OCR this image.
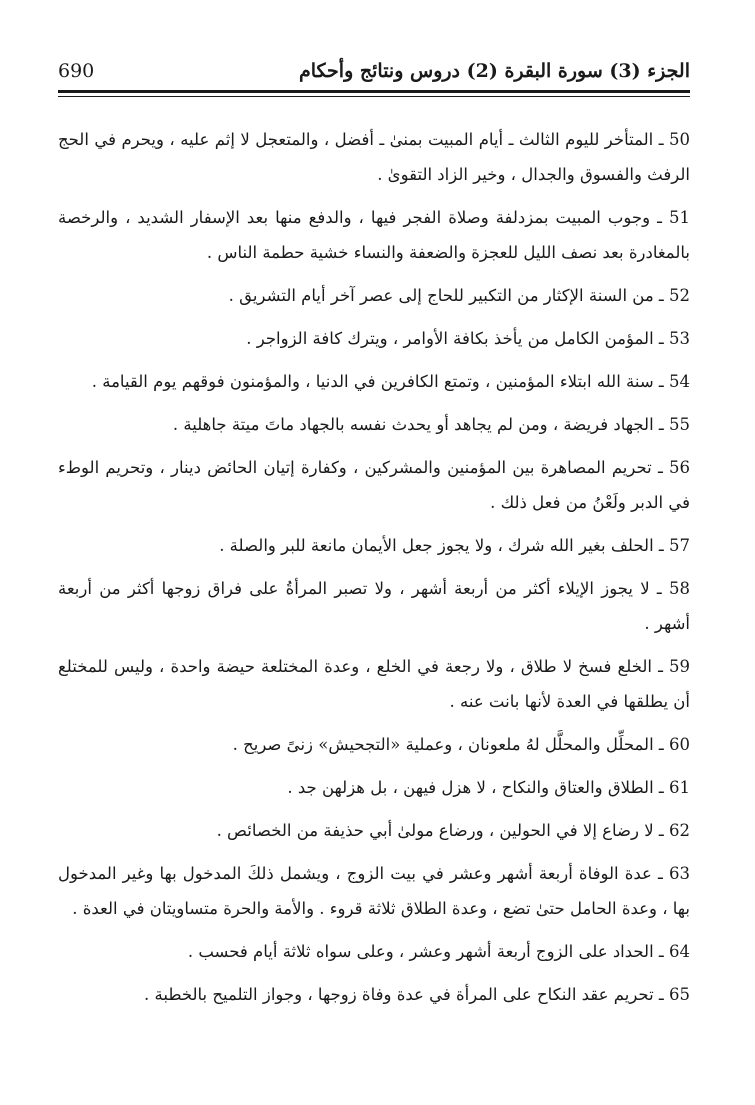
الجزء (3) سورة البقرة (2) دروس ونتائج وأحكام
690

50 ـ المتأخر لليوم الثالث ـ أيام المبيت بمنىٰ ـ أفضل ، والمتعجل لا إثم عليه ، ويحرم في الحج الرفث والفسوق والجدال ، وخير الزاد التقوىٰ .

51 ـ وجوب المبيت بمزدلفة وصلاة الفجر فيها ، والدفع منها بعد الإسفار الشديد ، والرخصة بالمغادرة بعد نصف الليل للعجزة والضعفة والنساء خشية حطمة الناس .

52 ـ من السنة الإكثار من التكبير للحاج إلى عصر آخر أيام التشريق .

53 ـ المؤمن الكامل من يأخذ بكافة الأوامر ، ويترك كافة الزواجر .

54 ـ سنة الله ابتلاء المؤمنين ، وتمتع الكافرين في الدنيا ، والمؤمنون فوقهم يوم القيامة .

55 ـ الجهاد فريضة ، ومن لم يجاهد أو يحدث نفسه بالجهاد ماتَ ميتة جاهلية .

56 ـ تحريم المصاهرة بين المؤمنين والمشركين ، وكفارة إتيان الحائض دينار ، وتحريم الوطء في الدبر ولَعْنُ من فعل ذلك .

57 ـ الحلف بغير الله شرك ، ولا يجوز جعل الأيمان مانعة للبر والصلة .

58 ـ لا يجوز الإيلاء أكثر من أربعة أشهر ، ولا تصبر المرأةُ على فراق زوجها أكثر من أربعة أشهر .

59 ـ الخلع فسخ لا طلاق ، ولا رجعة في الخلع ، وعدة المختلعة حيضة واحدة ، وليس للمختلع أن يطلقها في العدة لأنها بانت عنه .

60 ـ المحلِّل والمحلَّل لهُ ملعونان ، وعملية «التجحيش» زنىً صريح .

61 ـ الطلاق والعتاق والنكاح ، لا هزل فيهن ، بل هزلهن جد .

62 ـ لا رضاع إلا في الحولين ، ورضاع مولىٰ أبي حذيفة من الخصائص .

63 ـ عدة الوفاة أربعة أشهر وعشر في بيت الزوج ، ويشمل ذلكَ المدخول بها وغير المدخول بها ، وعدة الحامل حتىٰ تضع ، وعدة الطلاق ثلاثة قروء . والأمة والحرة متساويتان في العدة .

64 ـ الحداد على الزوج أربعة أشهر وعشر ، وعلى سواه ثلاثة أيام فحسب .

65 ـ تحريم عقد النكاح على المرأة في عدة وفاة زوجها ، وجواز التلميح بالخطبة .
